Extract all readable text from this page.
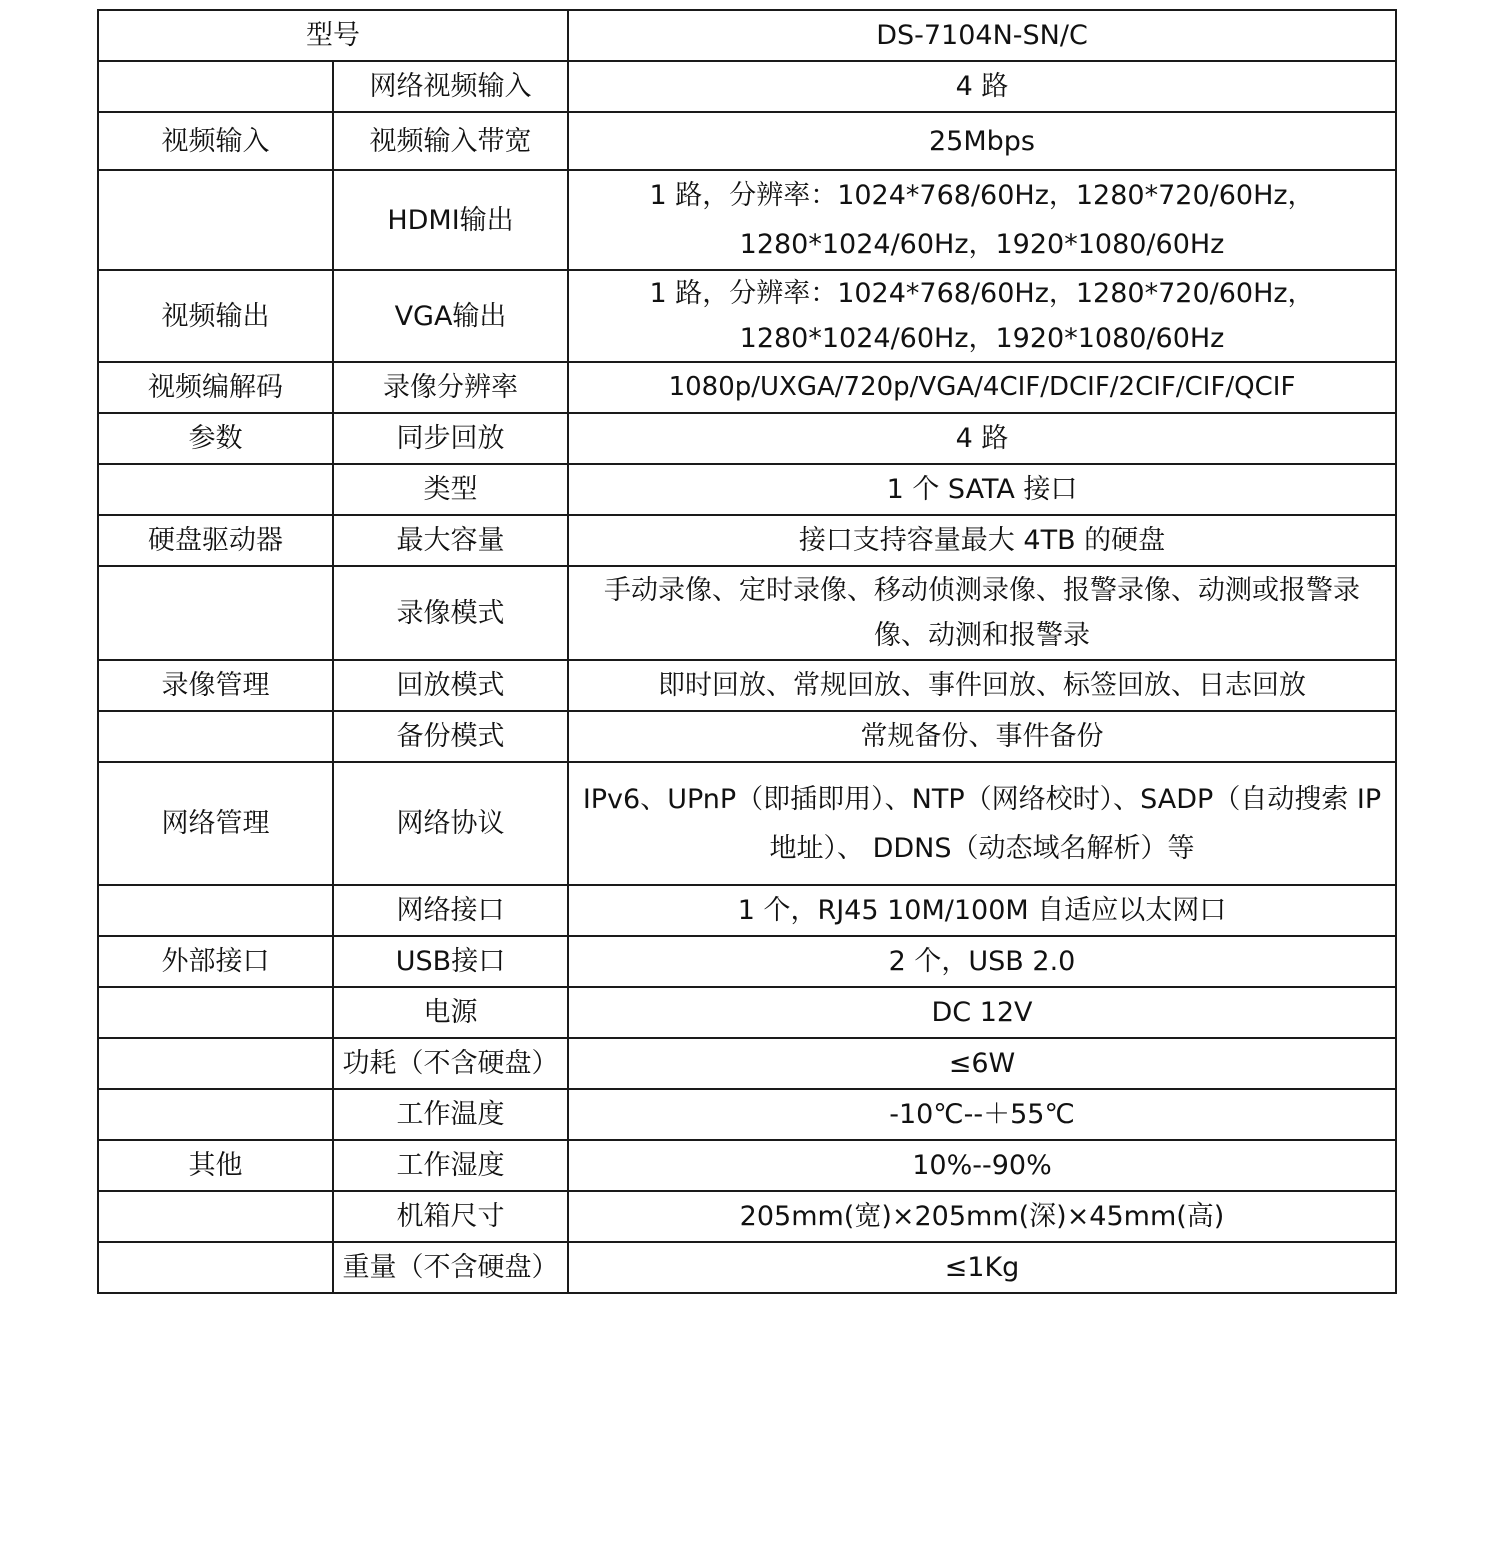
型号		DS-7104N-SN/C
	网络视频输入	4 路
视频输入	视频输入带宽	25Mbps
	HDMI输出	1 路，分辨率：1024*768/60Hz，1280*720/60Hz，1280*1024/60Hz，1920*1080/60Hz
视频输出	VGA输出	1 路，分辨率：1024*768/60Hz，1280*720/60Hz，1280*1024/60Hz，1920*1080/60Hz
视频编解码	录像分辨率	1080p/UXGA/720p/VGA/4CIF/DCIF/2CIF/CIF/QCIF
参数	同步回放	4 路
	类型	1 个 SATA 接口
硬盘驱动器	最大容量	接口支持容量最大 4TB 的硬盘
	录像模式	手动录像、定时录像、移动侦测录像、报警录像、动测或报警录像、动测和报警录
录像管理	回放模式	即时回放、常规回放、事件回放、标签回放、日志回放
	备份模式	常规备份、事件备份
网络管理	网络协议	IPv6、UPnP（即插即用）、NTP（网络校时）、SADP（自动搜索 IP 地址）、 DDNS（动态域名解析）等
	网络接口	1 个，RJ45 10M/100M 自适应以太网口
外部接口	USB接口	2 个，USB 2.0
	电源	DC 12V
	功耗（不含硬盘）	≤6W
	工作温度	-10℃--＋55℃
其他	工作湿度	10%--90%
	机箱尺寸	205mm(宽)×205mm(深)×45mm(高)
	重量（不含硬盘）	≤1Kg
